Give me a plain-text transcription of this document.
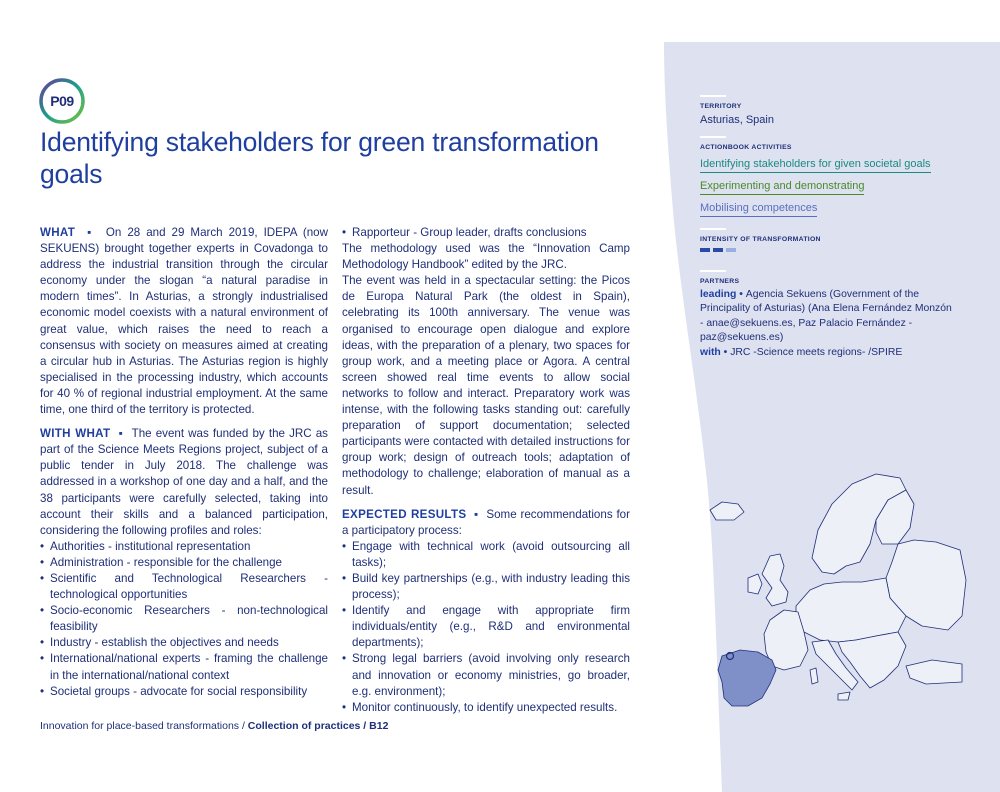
P09
Identifying stakeholders for green transformation goals

WHAT  ▪  On 28 and 29 March 2019, IDEPA (now SEKUENS) brought together experts in Covadonga to address the industrial transition through the circular economy under the slogan “a natural paradise in modern times”. In Asturias, a strongly industrialised economic model coexists with a natural environment of great value, which raises the need to reach a consensus with society on measures aimed at creating a circular hub in Asturias. The Asturias region is highly specialised in the processing industry, which accounts for 40 % of regional industrial employment. At the same time, one third of the territory is protected.

WITH WHAT  ▪  The event was funded by the JRC as part of the Science Meets Regions project, subject of a public tender in July 2018. The challenge was addressed in a workshop of one day and a half, and the 38 participants were carefully selected, taking into account their skills and a balanced participation, considering the following profiles and roles:

• Authorities - institutional representation
• Administration - responsible for the challenge
• Scientific and Technological Researchers - technological opportunities
• Socio-economic Researchers - non-technological feasibility
• Industry - establish the objectives and needs
• International/national experts - framing the challenge in the international/national context
• Societal groups - advocate for social responsibility
• Rapporteur - Group leader, drafts conclusions

The methodology used was the “Innovation Camp Methodology Handbook” edited by the JRC.

The event was held in a spectacular setting: the Picos de Europa Natural Park (the oldest in Spain), celebrating its 100th anniversary. The venue was organised to encourage open dialogue and explore ideas, with the preparation of a plenary, two spaces for group work, and a meeting place or Agora. A central screen showed real time events to allow social networks to follow and interact. Preparatory work was intense, with the following tasks standing out: carefully preparation of support documentation; selected participants were contacted with detailed instructions for group work; design of outreach tools; adaptation of methodology to challenge; elaboration of manual as a result.

EXPECTED RESULTS  ▪  Some recommendations for a participatory process:

• Engage with technical work (avoid outsourcing all tasks);
• Build key partnerships (e.g., with industry leading this process);
• Identify and engage with appropriate firm individuals/entity (e.g., R&D and environmental departments);
• Strong legal barriers (avoid involving only research and innovation or economy ministries, go broader, e.g. environment);
• Monitor continuously, to identify unexpected results.
Innovation for place-based transformations / Collection of practices / B12
TERRITORY
Asturias, Spain
ACTIONBOOK ACTIVITIES
Identifying stakeholders for given societal goals
Experimenting and demonstrating
Mobilising competences
INTENSITY OF TRANSFORMATION
PARTNERS
leading • Agencia Sekuens (Government of the Principality of Asturias) (Ana Elena Fernández Monzón - anae@sekuens.es, Paz Palacio Fernández - paz@sekuens.es)
with • JRC -Science meets regions- /SPIRE
